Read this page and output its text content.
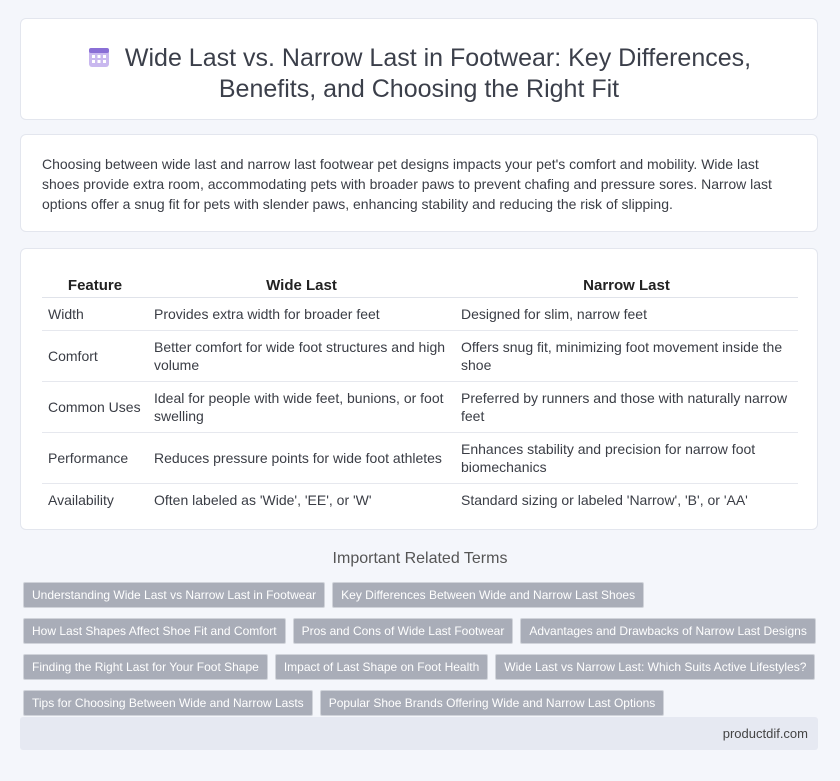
Wide Last vs. Narrow Last in Footwear: Key Differences, Benefits, and Choosing the Right Fit
Choosing between wide last and narrow last footwear pet designs impacts your pet's comfort and mobility. Wide last shoes provide extra room, accommodating pets with broader paws to prevent chafing and pressure sores. Narrow last options offer a snug fit for pets with slender paws, enhancing stability and reducing the risk of slipping.
Feature	Wide Last	Narrow Last
Width	Provides extra width for broader feet	Designed for slim, narrow feet
Comfort	Better comfort for wide foot structures and high volume	Offers snug fit, minimizing foot movement inside the shoe
Common Uses	Ideal for people with wide feet, bunions, or foot swelling	Preferred by runners and those with naturally narrow feet
Performance	Reduces pressure points for wide foot athletes	Enhances stability and precision for narrow foot biomechanics
Availability	Often labeled as 'Wide', 'EE', or 'W'	Standard sizing or labeled 'Narrow', 'B', or 'AA'
Important Related Terms
Understanding Wide Last vs Narrow Last in Footwear Key Differences Between Wide and Narrow Last Shoes
How Last Shapes Affect Shoe Fit and Comfort Pros and Cons of Wide Last Footwear Advantages and Drawbacks of Narrow Last Designs
Finding the Right Last for Your Foot Shape Impact of Last Shape on Foot Health Wide Last vs Narrow Last: Which Suits Active Lifestyles?
Tips for Choosing Between Wide and Narrow Lasts Popular Shoe Brands Offering Wide and Narrow Last Options
productdif.com
